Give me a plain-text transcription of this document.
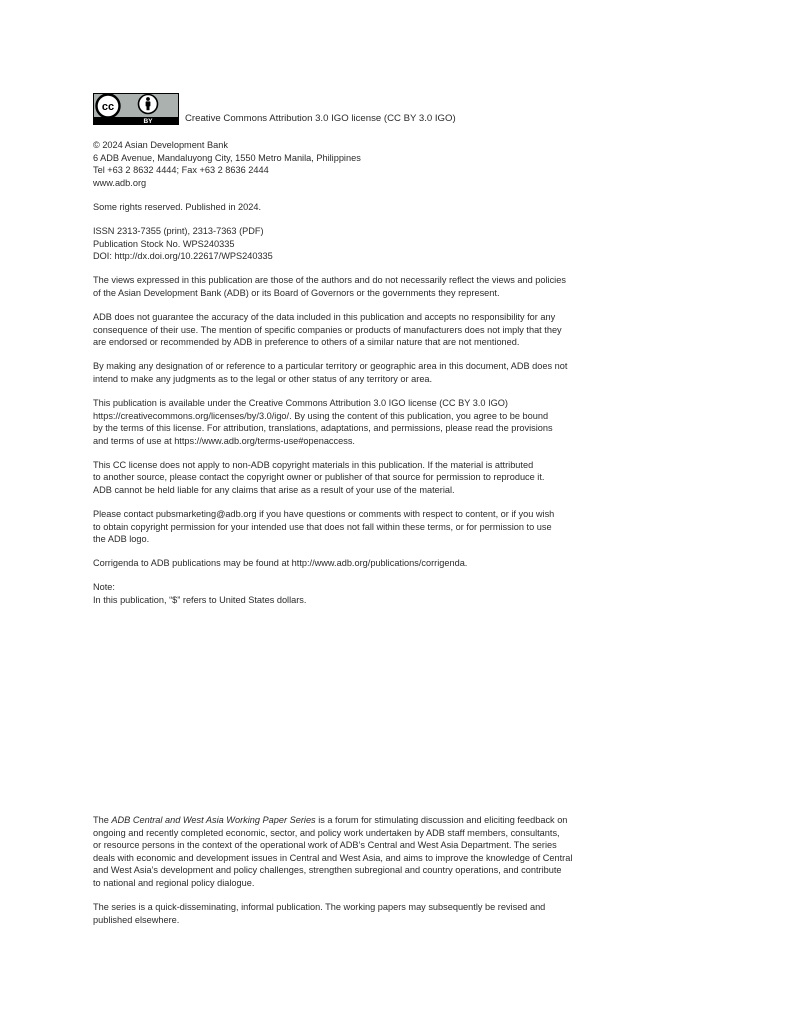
cc
BY	Creative Commons Attribution 3.0 IGO license (CC BY 3.0 IGO)

© 2024 Asian Development Bank

6 ADB Avenue, Mandaluyong City, 1550 Metro Manila, Philippines

Tel +63 2 8632 4444; Fax +63 2 8636 2444

www.adb.org

Some rights reserved. Published in 2024.

ISSN 2313-7355 (print), 2313-7363 (PDF)

Publication Stock No. WPS240335

DOI: http://dx.doi.org/10.22617/WPS240335

The views expressed in this publication are those of the authors and do not necessarily reflect the views and policies

of the Asian Development Bank (ADB) or its Board of Governors or the governments they represent.

ADB does not guarantee the accuracy of the data included in this publication and accepts no responsibility for any

consequence of their use. The mention of specific companies or products of manufacturers does not imply that they

are endorsed or recommended by ADB in preference to others of a similar nature that are not mentioned.

By making any designation of or reference to a particular territory or geographic area in this document, ADB does not

intend to make any judgments as to the legal or other status of any territory or area.

This publication is available under the Creative Commons Attribution 3.0 IGO license (CC BY 3.0 IGO)

https://creativecommons.org/licenses/by/3.0/igo/. By using the content of this publication, you agree to be bound

by the terms of this license. For attribution, translations, adaptations, and permissions, please read the provisions

and terms of use at https://www.adb.org/terms-use#openaccess.

This CC license does not apply to non-ADB copyright materials in this publication. If the material is attributed

to another source, please contact the copyright owner or publisher of that source for permission to reproduce it.

ADB cannot be held liable for any claims that arise as a result of your use of the material.

Please contact pubsmarketing@adb.org if you have questions or comments with respect to content, or if you wish

to obtain copyright permission for your intended use that does not fall within these terms, or for permission to use

the ADB logo.

Corrigenda to ADB publications may be found at http://www.adb.org/publications/corrigenda.

Note:

In this publication, “$” refers to United States dollars.

The ADB Central and West Asia Working Paper Series is a forum for stimulating discussion and eliciting feedback on
ongoing and recently completed economic, sector, and policy work undertaken by ADB staff members, consultants,
or resource persons in the context of the operational work of ADB’s Central and West Asia Department. The series
deals with economic and development issues in Central and West Asia, and aims to improve the knowledge of Central
and West Asia’s development and policy challenges, strengthen subregional and country operations, and contribute
to national and regional policy dialogue.

The series is a quick-disseminating, informal publication. The working papers may subsequently be revised and
published elsewhere.
